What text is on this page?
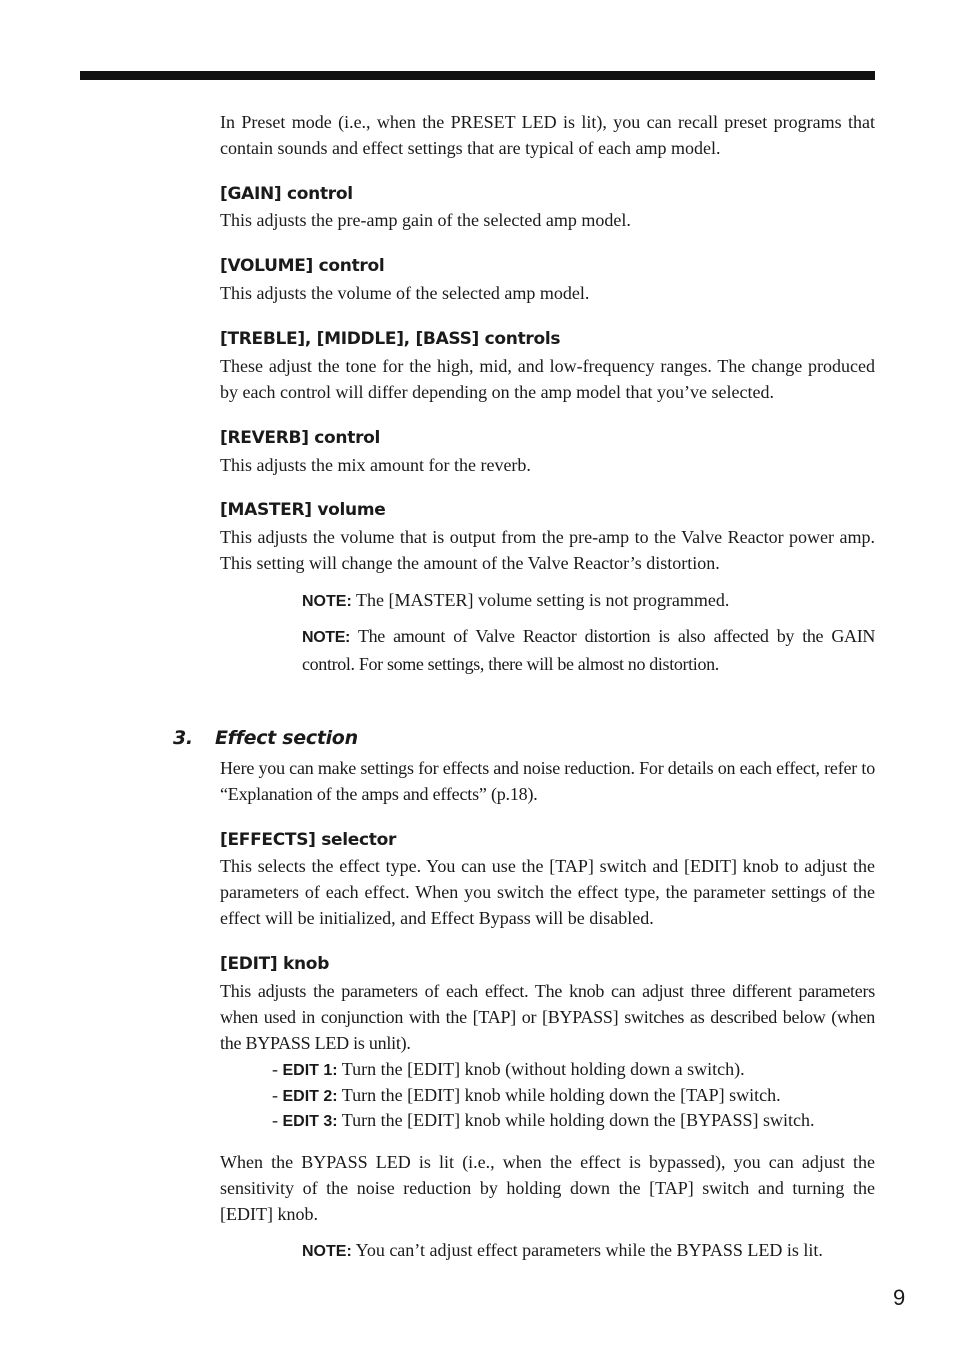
In Preset mode (i.e., when the PRESET LED is lit), you can recall preset programs that contain sounds and effect settings that are typical of each amp model.

[GAIN] control

This adjusts the pre-amp gain of the selected amp model.

[VOLUME] control

This adjusts the volume of the selected amp model.

[TREBLE], [MIDDLE], [BASS] controls

These adjust the tone for the high, mid, and low-frequency ranges. The change produced by each control will differ depending on the amp model that you’ve selected.

[REVERB] control

This adjusts the mix amount for the reverb.

[MASTER] volume

This adjusts the volume that is output from the pre-amp to the Valve Reactor power amp. This setting will change the amount of the Valve Reactor’s distortion.

NOTE: The [MASTER] volume setting is not programmed.

NOTE: The amount of Valve Reactor distortion is also affected by the GAIN control. For some settings, there will be almost no distortion.

3. Effect section

Here you can make settings for effects and noise reduction. For details on each effect, refer to “Explanation of the amps and effects” (p.18).

[EFFECTS] selector

This selects the effect type. You can use the [TAP] switch and [EDIT] knob to adjust the parameters of each effect. When you switch the effect type, the parameter settings of the effect will be initialized, and Effect Bypass will be disabled.

[EDIT] knob

This adjusts the parameters of each effect. The knob can adjust three different parameters when used in conjunction with the [TAP] or [BYPASS] switches as described below (when the BYPASS LED is unlit).

- EDIT 1: Turn the [EDIT] knob (without holding down a switch).
- EDIT 2: Turn the [EDIT] knob while holding down the [TAP] switch.
- EDIT 3: Turn the [EDIT] knob while holding down the [BYPASS] switch.

When the BYPASS LED is lit (i.e., when the effect is bypassed), you can adjust the sensitivity of the noise reduction by holding down the [TAP] switch and turning the [EDIT] knob.

NOTE: You can’t adjust effect parameters while the BYPASS LED is lit.

9
